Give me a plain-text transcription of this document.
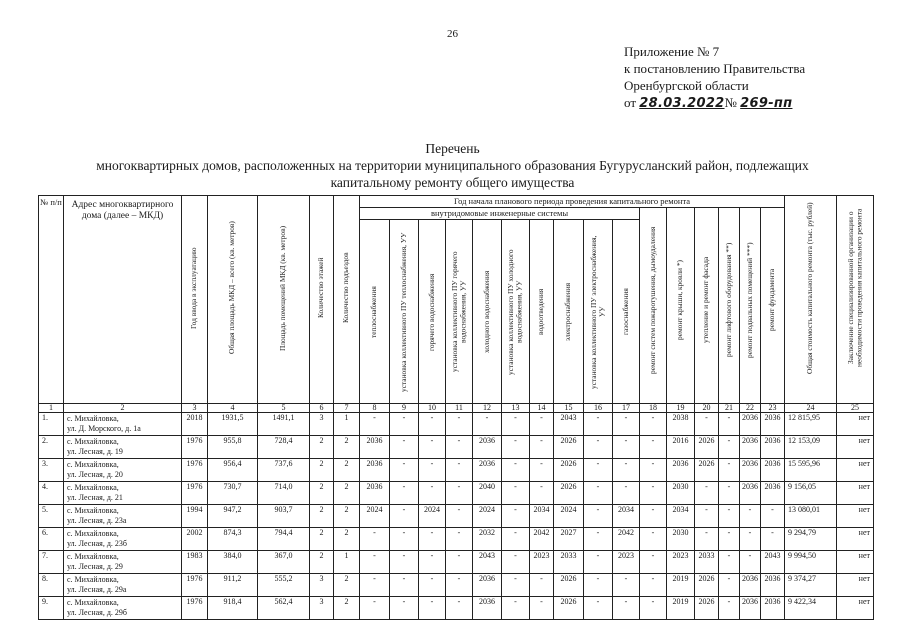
26
Приложение № 7
к постановлению Правительства
Оренбургской области
от 28.03.2022№ 269-пп
Перечень
многоквартирных домов, расположенных на территории муниципального образования Бугурусланский район, подлежащих
капитальному ремонту общего имущества
№ п/п	Адрес многоквартирного дома (далее – МКД)	Год ввода в эксплуатацию	Общая площадь МКД – всего (кв. метров)	Площадь помещений МКД (кв. метров)	Количество этажей	Количество подъездов	Год начала планового периода проведения капитального ремонта																Общая стоимость капитального ремонта (тыс. рублей)	Заключение специализированной организации о необходимости проведения капитального ремонта

							внутридомовые инженерные системы										ремонт систем пожаротушения, дымоудаления	ремонт крыши, кровли *)	утепление и ремонт фасада	ремонт лифтового оборудования **)	ремонт подвальных помещений ***)	ремонт фундамента		

							теплоснабжения	установка коллективного ПУ теплоснабжения, УУ	горячего водоснабжения	установка коллективного ПУ горячего водоснабжения, УУ	холодного водоснабжения	установка коллективного ПУ холодного водоснабжения, УУ	водоотведения	электроснабжения	установка коллективного ПУ электроснабжения, УУ	газоснабжения								

1	2	3	4	5	6	7	8	9	10	11	12	13	14	15	16	17	18	19	20	21	22	23	24	25
1.	с. Михайловка,
ул. Д. Морского, д. 1а	2018	1931,5	1491,1	3	1	-	-	-	-	-	-	-	2043	-	-	-	2038	-	-	2036	2036	12 815,95	нет
2.	с. Михайловка,
ул. Лесная, д. 19	1976	955,8	728,4	2	2	2036	-	-	-	2036	-	-	2026	-	-	-	2016	2026	-	2036	2036	12 153,09	нет
3.	с. Михайловка,
ул. Лесная, д. 20	1976	956,4	737,6	2	2	2036	-	-	-	2036	-	-	2026	-	-	-	2036	2026	-	2036	2036	15 595,96	нет
4.	с. Михайловка,
ул. Лесная, д. 21	1976	730,7	714,0	2	2	2036	-	-	-	2040	-	-	2026	-	-	-	2030	-	-	2036	2036	9 156,05	нет
5.	с. Михайловка,
ул. Лесная, д. 23а	1994	947,2	903,7	2	2	2024	-	2024	-	2024	-	2034	2024	-	2034	-	2034	-	-	-	-	13 080,01	нет
6.	с. Михайловка,
ул. Лесная, д. 23б	2002	874,3	794,4	2	2	-	-	-	-	2032	-	2042	2027	-	2042	-	2030	-	-	-	-	9 294,79	нет
7.	с. Михайловка,
ул. Лесная, д. 29	1983	384,0	367,0	2	1	-	-	-	-	2043	-	2023	2033	-	2023	-	2023	2033	-	-	2043	9 994,50	нет
8.	с. Михайловка,
ул. Лесная, д. 29а	1976	911,2	555,2	3	2	-	-	-	-	2036	-	-	2026	-	-	-	2019	2026	-	2036	2036	9 374,27	нет
9.	с. Михайловка,
ул. Лесная, д. 29б	1976	918,4	562,4	3	2	-	-	-	-	2036	-	-	2026	-	-	-	2019	2026	-	2036	2036	9 422,34	нет
